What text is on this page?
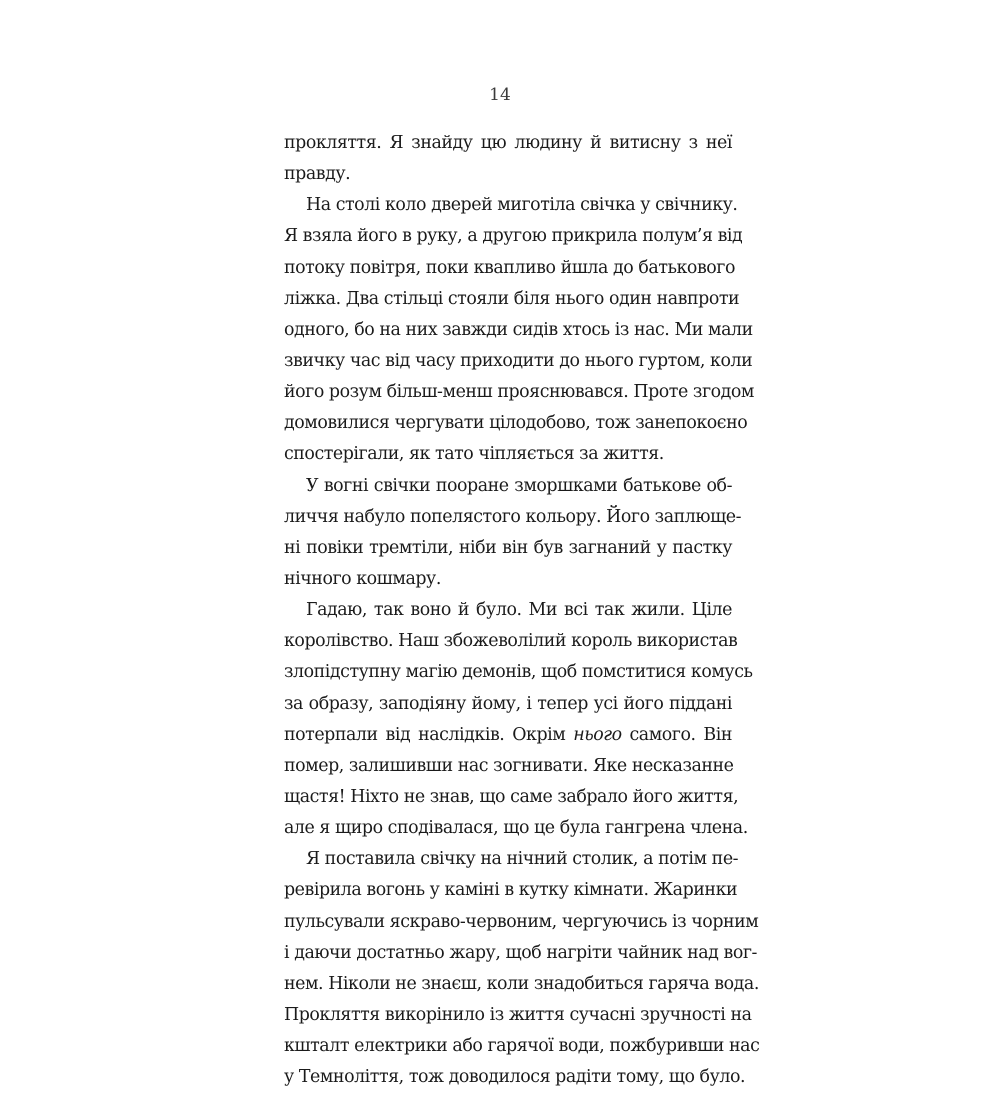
14
прокляття. Я знайду цю людину й витисну з неї
правду.
На столі коло дверей миготіла свічка у свічнику.
Я взяла його в руку, а другою прикрила полум’я від
потоку повітря, поки квапливо йшла до батькового
ліжка. Два стільці стояли біля нього один навпроти
одного, бо на них завжди сидів хтось із нас. Ми мали
звичку час від часу приходити до нього гуртом, коли
його розум більш-менш прояснювався. Проте згодом
домовилися чергувати цілодобово, тож занепокоєно
спостерігали, як тато чіпляється за життя.
У вогні свічки пооране зморшками батькове об-
личчя набуло попелястого кольору. Його заплюще-
ні повіки тремтіли, ніби він був загнаний у пастку
нічного кошмару.
Гадаю, так воно й було. Ми всі так жили. Ціле
королівство. Наш збожеволілий король використав
злопідступну магію демонів, щоб помститися комусь
за образу, заподіяну йому, і тепер усі його піддані
потерпали від наслідків. Окрім нього самого. Він
помер, залишивши нас зогнивати. Яке несказанне
щастя! Ніхто не знав, що саме забрало його життя,
але я щиро сподівалася, що це була гангрена члена.
Я поставила свічку на нічний столик, а потім пе-
ревірила вогонь у каміні в кутку кімнати. Жаринки
пульсували яскраво-червоним, чергуючись із чорним
і даючи достатньо жару, щоб нагріти чайник над вог-
нем. Ніколи не знаєш, коли знадобиться гаряча вода.
Прокляття викорінило із життя сучасні зручності на
кшталт електрики або гарячої води, пожбуривши нас
у Темноліття, тож доводилося радіти тому, що було.
